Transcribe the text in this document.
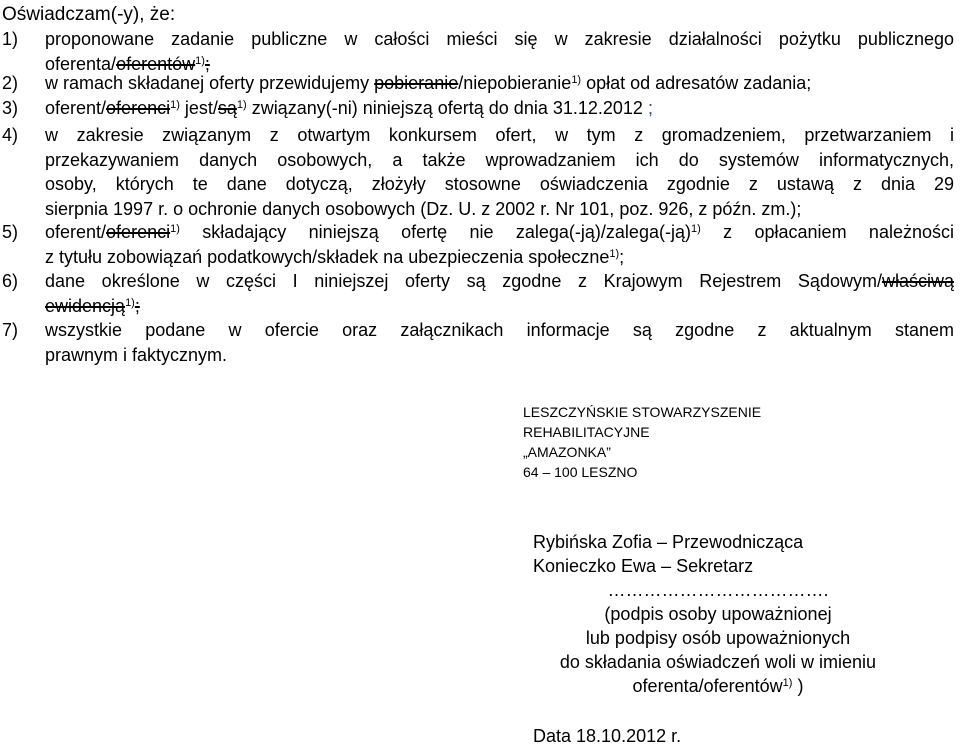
Oświadczam(-y), że:
1) proponowane zadanie publiczne w całości mieści się w zakresie działalności pożytku publicznego
oferenta/oferentów$^{1)}$;
2) w ramach składanej oferty przewidujemy pobieranie/niepobieranie$^{1)}$ opłat od adresatów zadania;
3) oferent/oferenci$^{1)}$ jest/$są^{1)}$ związany(-ni) niniejszą ofertą do dnia 31.12.2012 ;
4) w zakresie związanym z otwartym konkursem ofert, w tym z gromadzeniem, przetwarzaniem i
przekazywaniem danych osobowych, a także wprowadzaniem ich do systemów informatycznych,
osoby, których te dane dotyczą, złożyły stosowne oświadczenia zgodnie z ustawą z dnia 29
sierpnia 1997 r. o ochronie danych osobowych (Dz. U. z 2002 r. Nr 101, poz. 926, z późn. zm.);
5) oferent/oferenci$^{1)}$ składający niniejszą ofertę nie zalega(-ją)/zalega(-ją)$^{1)}$ z opłacaniem należności
z tytułu zobowiązań podatkowych/składek na ubezpieczenia społeczne$^{1)}$;
6) dane określone w części I niniejszej oferty są zgodne z Krajowym Rejestrem Sądowym/właściwą
ewidencją$^{1)}$;
7) wszystkie podane w ofercie oraz załącznikach informacje są zgodne z aktualnym stanem
prawnym i faktycznym.
LESZCZYŃSKIE STOWARZYSZENIE
REHABILITACYJNE
„AMAZONKA”
64 – 100 LESZNO
Rybińska Zofia – Przewodnicząca
Konieczko Ewa – Sekretarz
……………………………….
(podpis osoby upoważnionej
lub podpisy osób upoważnionych
do składania oświadczeń woli w imieniu
oferenta/oferentów$^{1)}$ )
Data 18.10.2012 r.
